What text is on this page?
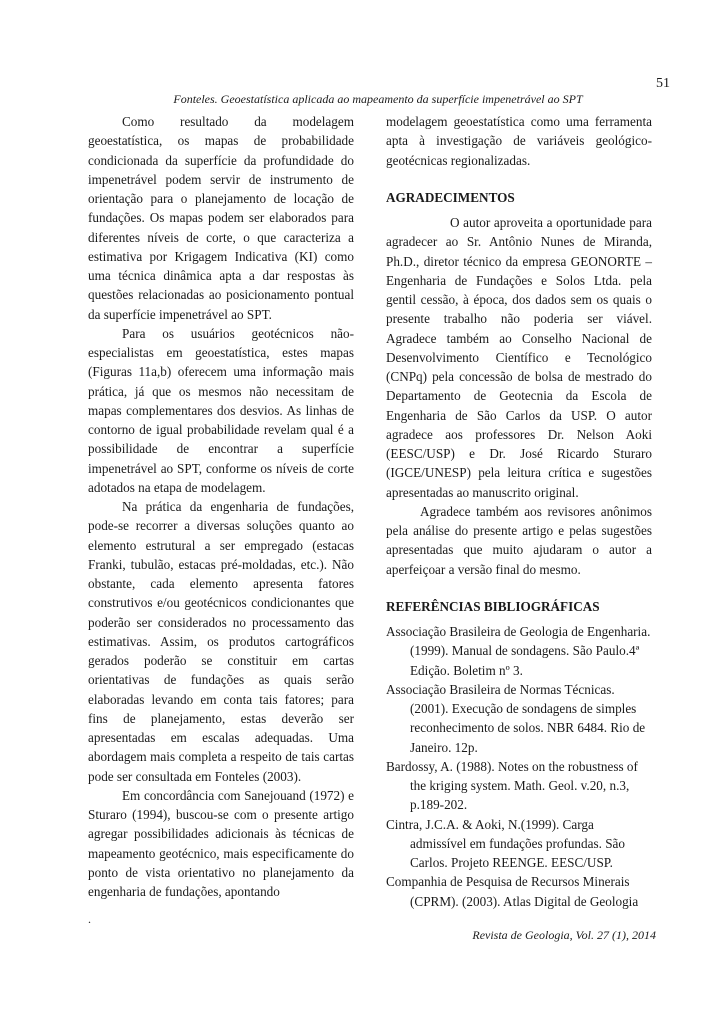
51
Fonteles. Geoestatística aplicada ao mapeamento da superfície impenetrável ao SPT

Como resultado da modelagem geoestatística, os mapas de probabilidade condicionada da superfície da profundidade do impenetrável podem servir de instrumento de orientação para o planejamento de locação de fundações. Os mapas podem ser elaborados para diferentes níveis de corte, o que caracteriza a estimativa por Krigagem Indicativa (KI) como uma técnica dinâmica apta a dar respostas às questões relacionadas ao posicionamento pontual da superfície impenetrável ao SPT.

Para os usuários geotécnicos não-especialistas em geoestatística, estes mapas (Figuras 11a,b) oferecem uma informação mais prática, já que os mesmos não necessitam de mapas complementares dos desvios. As linhas de contorno de igual probabilidade revelam qual é a possibilidade de encontrar a superfície impenetrável ao SPT, conforme os níveis de corte adotados na etapa de modelagem.

Na prática da engenharia de fundações, pode-se recorrer a diversas soluções quanto ao elemento estrutural a ser empregado (estacas Franki, tubulão, estacas pré-moldadas, etc.). Não obstante, cada elemento apresenta fatores construtivos e/ou geotécnicos condicionantes que poderão ser considerados no processamento das estimativas. Assim, os produtos cartográficos gerados poderão se constituir em cartas orientativas de fundações as quais serão elaboradas levando em conta tais fatores; para fins de planejamento, estas deverão ser apresentadas em escalas adequadas. Uma abordagem mais completa a respeito de tais cartas pode ser consultada em Fonteles (2003).

Em concordância com Sanejouand (1972) e Sturaro (1994), buscou-se com o presente artigo agregar possibilidades adicionais às técnicas de mapeamento geotécnico, mais especificamente do ponto de vista orientativo no planejamento da engenharia de fundações, apontando

modelagem geoestatística como uma ferramenta apta à investigação de variáveis geológico-geotécnicas regionalizadas.

AGRADECIMENTOS

O autor aproveita a oportunidade para agradecer ao Sr. Antônio Nunes de Miranda, Ph.D., diretor técnico da empresa GEONORTE – Engenharia de Fundações e Solos Ltda. pela gentil cessão, à época, dos dados sem os quais o presente trabalho não poderia ser viável. Agradece também ao Conselho Nacional de Desenvolvimento Científico e Tecnológico (CNPq) pela concessão de bolsa de mestrado do Departamento de Geotecnia da Escola de Engenharia de São Carlos da USP. O autor agradece aos professores Dr. Nelson Aoki (EESC/USP) e Dr. José Ricardo Sturaro (IGCE/UNESP) pela leitura crítica e sugestões apresentadas ao manuscrito original.

Agradece também aos revisores anônimos pela análise do presente artigo e pelas sugestões apresentadas que muito ajudaram o autor a aperfeiçoar a versão final do mesmo.

REFERÊNCIAS BIBLIOGRÁFICAS

Associação Brasileira de Geologia de Engenharia. (1999). Manual de sondagens. São Paulo.4ª Edição. Boletim nº 3.

Associação Brasileira de Normas Técnicas. (2001). Execução de sondagens de simples reconhecimento de solos. NBR 6484. Rio de Janeiro. 12p.

Bardossy, A. (1988). Notes on the robustness of the kriging system. Math. Geol. v.20, n.3, p.189-202.

Cintra, J.C.A. & Aoki, N.(1999). Carga admissível em fundações profundas. São Carlos. Projeto REENGE. EESC/USP.

Companhia de Pesquisa de Recursos Minerais (CPRM). (2003). Atlas Digital de Geologia

.
Revista de Geologia, Vol. 27 (1), 2014
